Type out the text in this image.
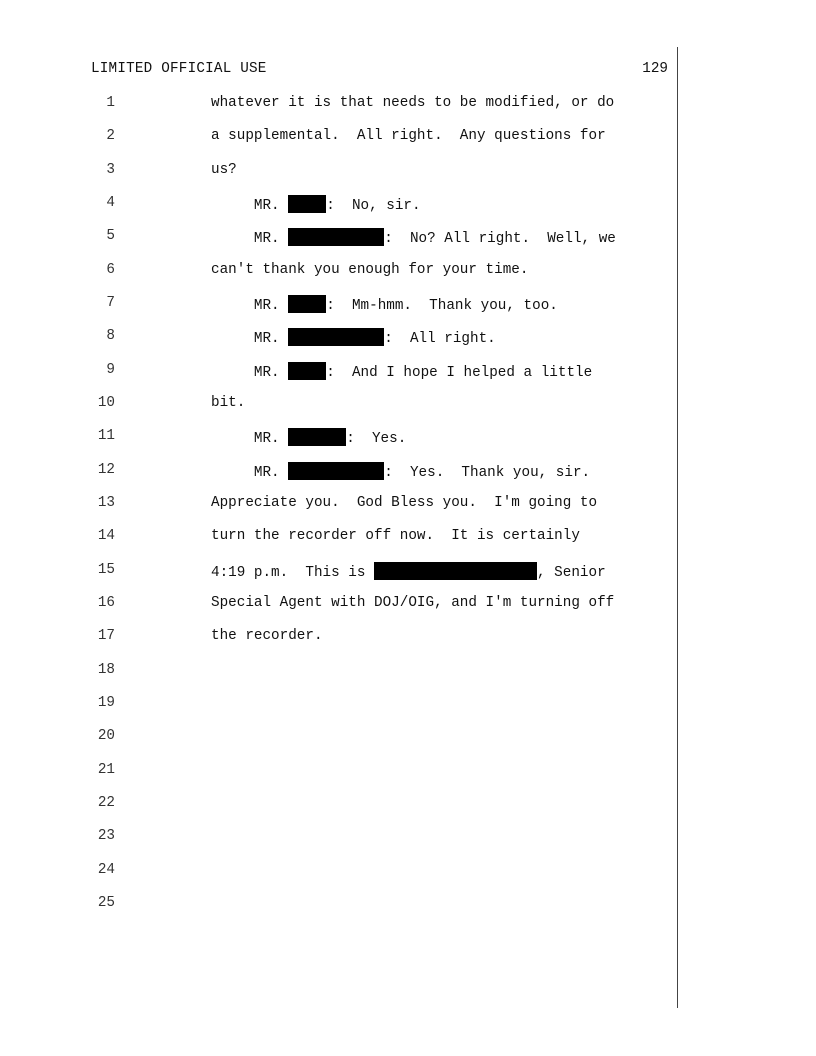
LIMITED OFFICIAL USE	129
1
2
3
4
5
6
7
8
9
10
11
12
13
14
15
16
17
18
19
20
21
22
23
24
25
whatever it is that needs to be modified, or do
a supplemental.  All right.  Any questions for
us?
MR.	:  No, sir.
MR.	:  No? All right.  Well, we
can't thank you enough for your time.
MR.	:  Mm-hmm.  Thank you, too.
MR.	:  All right.
MR.	:  And I hope I helped a little
bit.
MR.	:  Yes.
MR.	:  Yes.  Thank you, sir.
Appreciate you.  God Bless you.  I'm going to
turn the recorder off now.  It is certainly
4:19 p.m.  This is	, Senior
Special Agent with DOJ/OIG, and I'm turning off
the recorder.
